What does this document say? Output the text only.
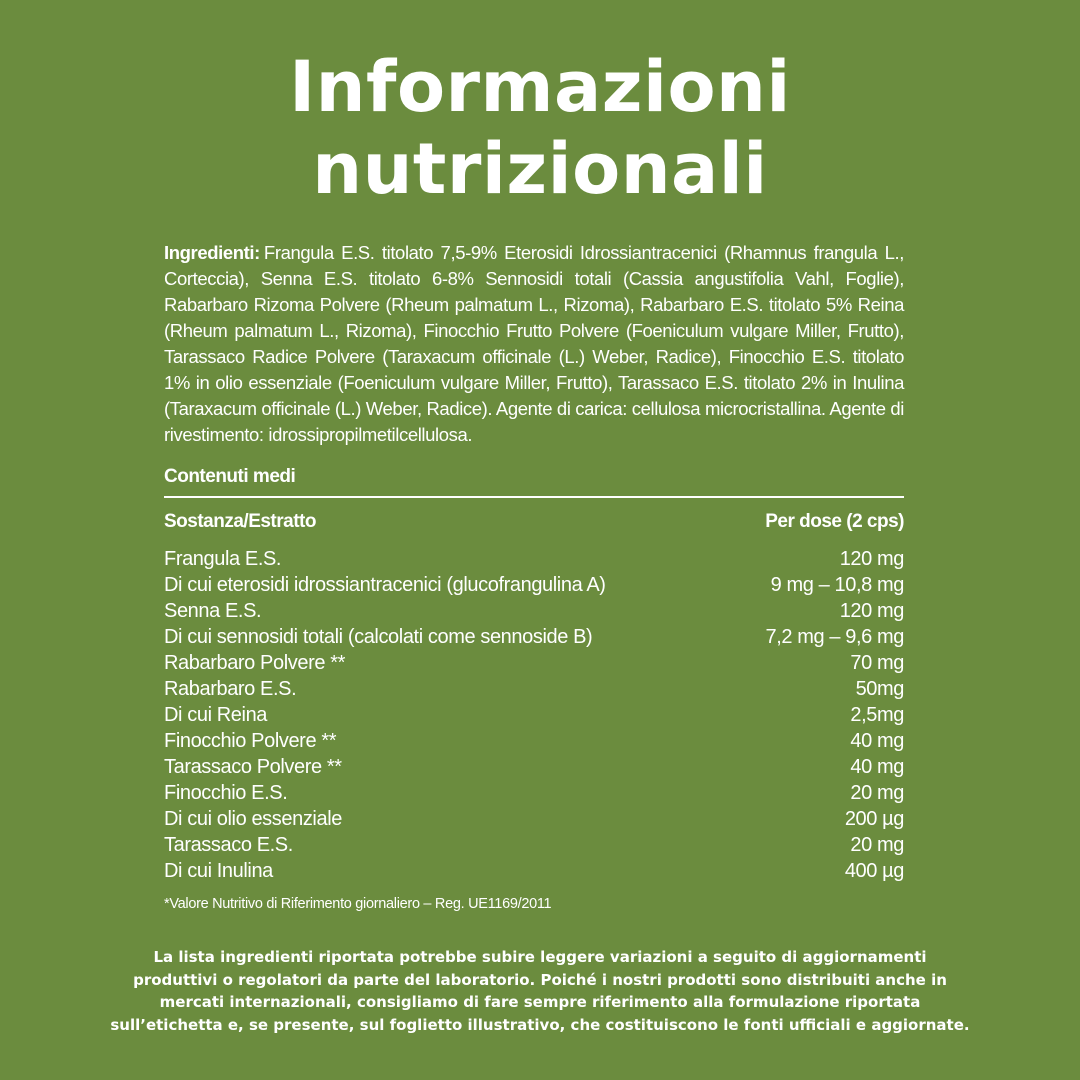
Informazioni
nutrizionali
Ingredienti: Frangula E.S. titolato 7,5-9% Eterosidi Idrossiantracenici (Rhamnus frangula L., Corteccia), Senna E.S. titolato 6-8% Sennosidi totali (Cassia angustifolia Vahl, Foglie), Rabarbaro Rizoma Polvere (Rheum palmatum L., Rizoma), Rabarbaro E.S. titolato 5% Reina (Rheum palmatum L., Rizoma), Finocchio Frutto Polvere (Foeniculum vulgare Miller, Frutto), Tarassaco Radice Polvere (Taraxacum officinale (L.) Weber, Radice), Finocchio E.S. titolato 1% in olio essenziale (Foeniculum vulgare Miller, Frutto), Tarassaco E.S. titolato 2% in Inulina (Taraxacum officinale (L.) Weber, Radice). Agente di carica: cellulosa microcristallina. Agente di rivestimento: idrossipropilmetilcellulosa.
Contenuti medi
Sostanza/Estratto	Per dose (2 cps)
Frangula E.S.	120 mg
Di cui eterosidi idrossiantracenici (glucofrangulina A)	9 mg – 10,8 mg
Senna E.S.	120 mg
Di cui sennosidi totali (calcolati come sennoside B)	7,2 mg – 9,6 mg
Rabarbaro Polvere **	70 mg
Rabarbaro E.S.	50mg
Di cui Reina	2,5mg
Finocchio Polvere **	40 mg
Tarassaco Polvere **	40 mg
Finocchio E.S.	20 mg
Di cui olio essenziale	200 µg
Tarassaco E.S.	20 mg
Di cui Inulina	400 µg
*Valore Nutritivo di Riferimento giornaliero – Reg. UE1169/2011
La lista ingredienti riportata potrebbe subire leggere variazioni a seguito di aggiornamenti
produttivi o regolatori da parte del laboratorio. Poiché i nostri prodotti sono distribuiti anche in
mercati internazionali, consigliamo di fare sempre riferimento alla formulazione riportata
sull’etichetta e, se presente, sul foglietto illustrativo, che costituiscono le fonti ufficiali e aggiornate.
